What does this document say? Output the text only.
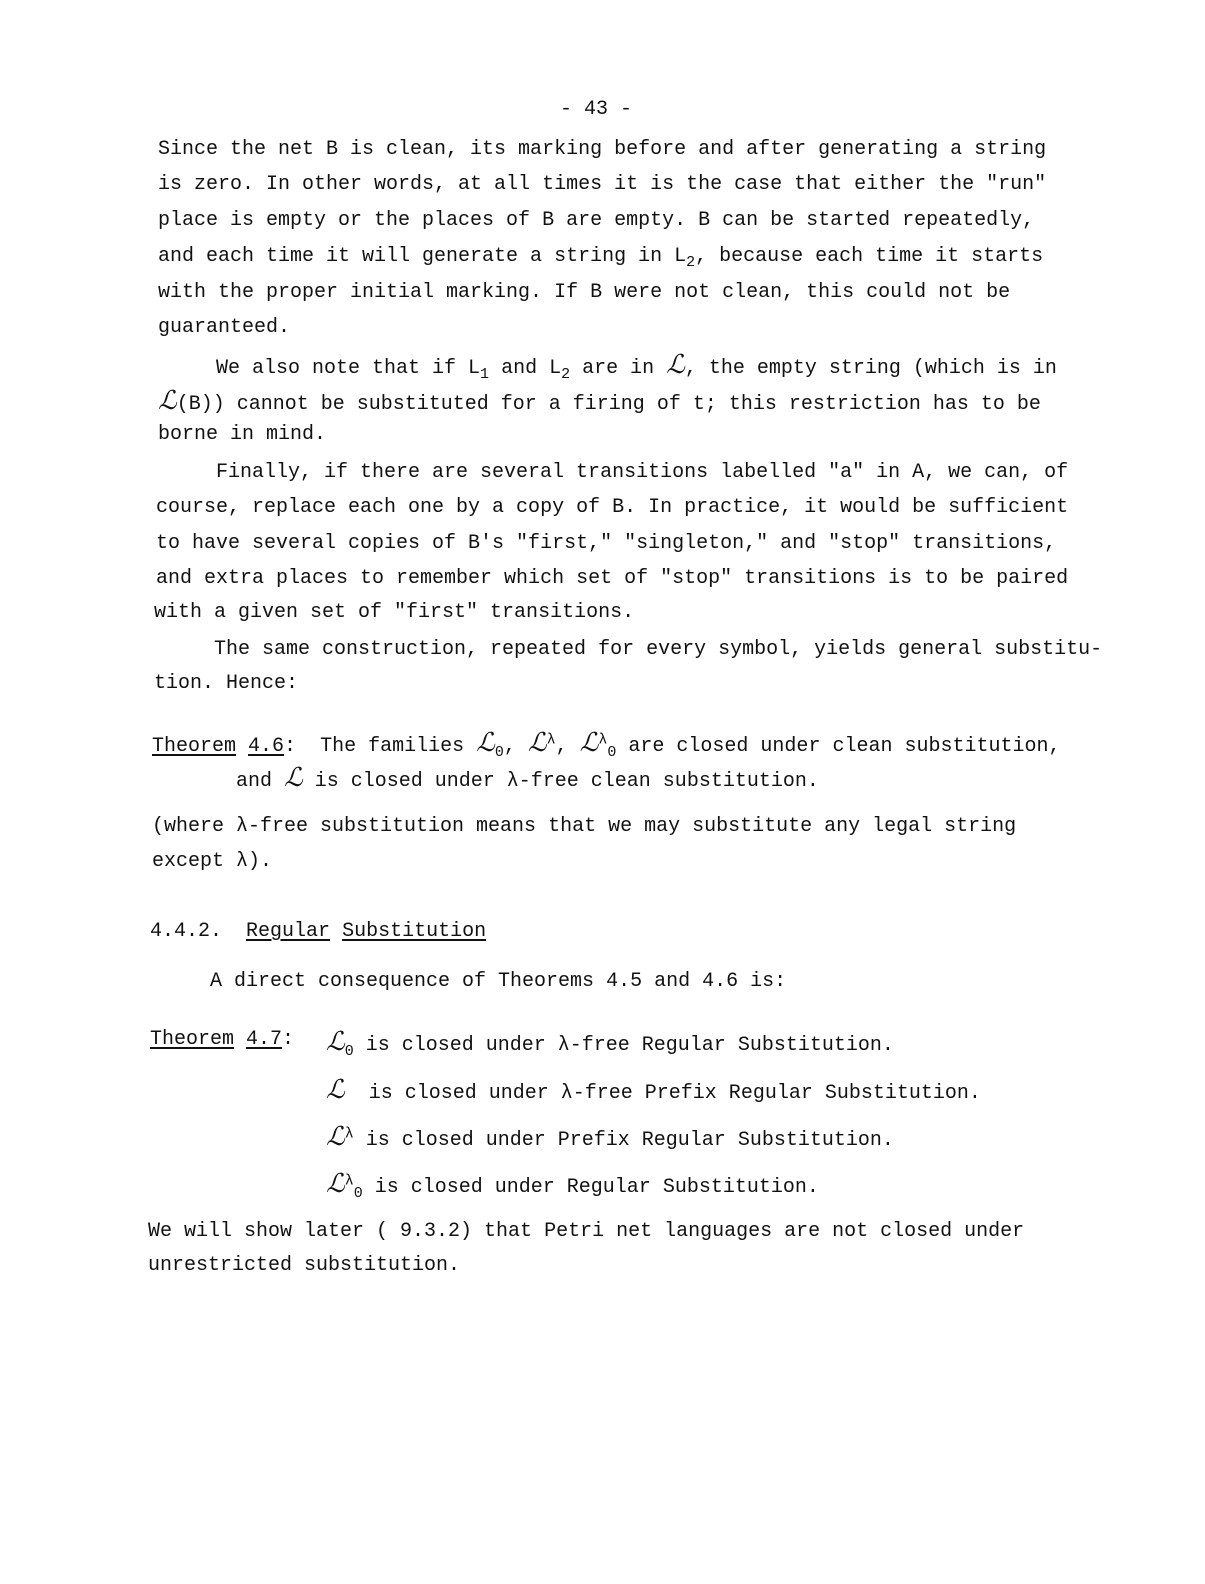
- 43 -
Since the net B is clean, its marking before and after generating a string
is zero. In other words, at all times it is the case that either the "run"
place is empty or the places of B are empty. B can be started repeatedly,
and each time it will generate a string in $L_2$, because each time it starts
with the proper initial marking. If B were not clean, this could not be
guaranteed.
We also note that if $L_1$ and $L_2$ are in ℒ, the empty string (which is in
ℒ(B)) cannot be substituted for a firing of t; this restriction has to be
borne in mind.
Finally, if there are several transitions labelled "a" in A, we can, of
course, replace each one by a copy of B. In practice, it would be sufficient
to have several copies of B's "first," "singleton," and "stop" transitions,
and extra places to remember which set of "stop" transitions is to be paired
with a given set of "first" transitions.
The same construction, repeated for every symbol, yields general substitu-
tion. Hence:
Theorem 4.6: The families ℒ$_0$, ℒ$^\lambda$, ℒ$^\lambda_0$ are closed under clean substitution,
and ℒ is closed under λ-free clean substitution.
(where λ-free substitution means that we may substitute any legal string
except λ).
4.4.2. Regular Substitution
A direct consequence of Theorems 4.5 and 4.6 is:
Theorem 4.7: ℒ$_0$ is closed under λ-free Regular Substitution.
ℒ  is closed under λ-free Prefix Regular Substitution.
ℒ$^\lambda$ is closed under Prefix Regular Substitution.
ℒ$^\lambda_0$ is closed under Regular Substitution.
We will show later ( 9.3.2) that Petri net languages are not closed under
unrestricted substitution.
